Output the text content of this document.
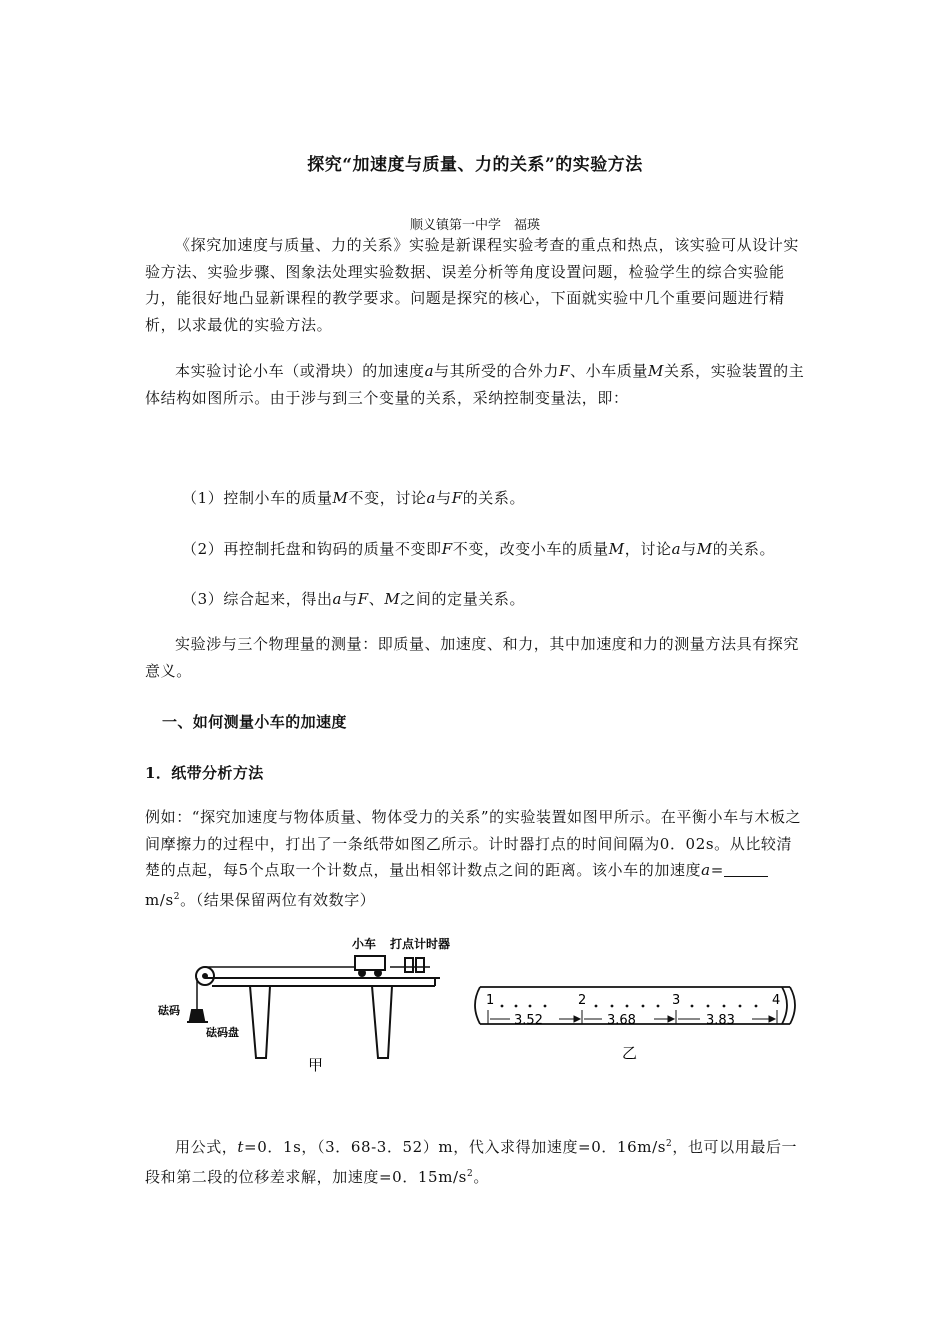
探究“加速度与质量、力的关系”的实验方法
顺义镇第一中学　福瑛

《探究加速度与质量、力的关系》实验是新课程实验考查的重点和热点，该实验可从设计实验方法、实验步骤、图象法处理实验数据、误差分析等角度设置问题，检验学生的综合实验能力，能很好地凸显新课程的教学要求。问题是探究的核心，下面就实验中几个重要问题进行精析，以求最优的实验方法。

本实验讨论小车（或滑块）的加速度a与其所受的合外力F、小车质量M关系，实验装置的主体结构如图所示。由于涉与到三个变量的关系，采纳控制变量法，即：

（1）控制小车的质量M不变，讨论a与F的关系。
（2）再控制托盘和钩码的质量不变即F不变，改变小车的质量M，讨论a与M的关系。
（3）综合起来，得出a与F、M之间的定量关系。

实验涉与三个物理量的测量：即质量、加速度、和力，其中加速度和力的测量方法具有探究意义。

一、如何测量小车的加速度
1．纸带分析方法

例如：“探究加速度与物体质量、物体受力的关系”的实验装置如图甲所示。在平衡小车与木板之间摩擦力的过程中，打出了一条纸带如图乙所示。计时器打点的时间间隔为0．02s。从比较清楚的点起，每5个点取一个计数点，量出相邻计数点之间的距离。该小车的加速度$a=m/s^2$。（结果保留两位有效数字）

小车 打点计时器
砝码
砝码盘
甲
1	2	3	4
3.52	3.68	3.83
乙

用公式，t=0．1s，（3．68-3．52）m，代入求得加速度=0．$16m/s^2$，也可以用最后一段和第二段的位移差求解，加速度=0．$15m/s^2$。
